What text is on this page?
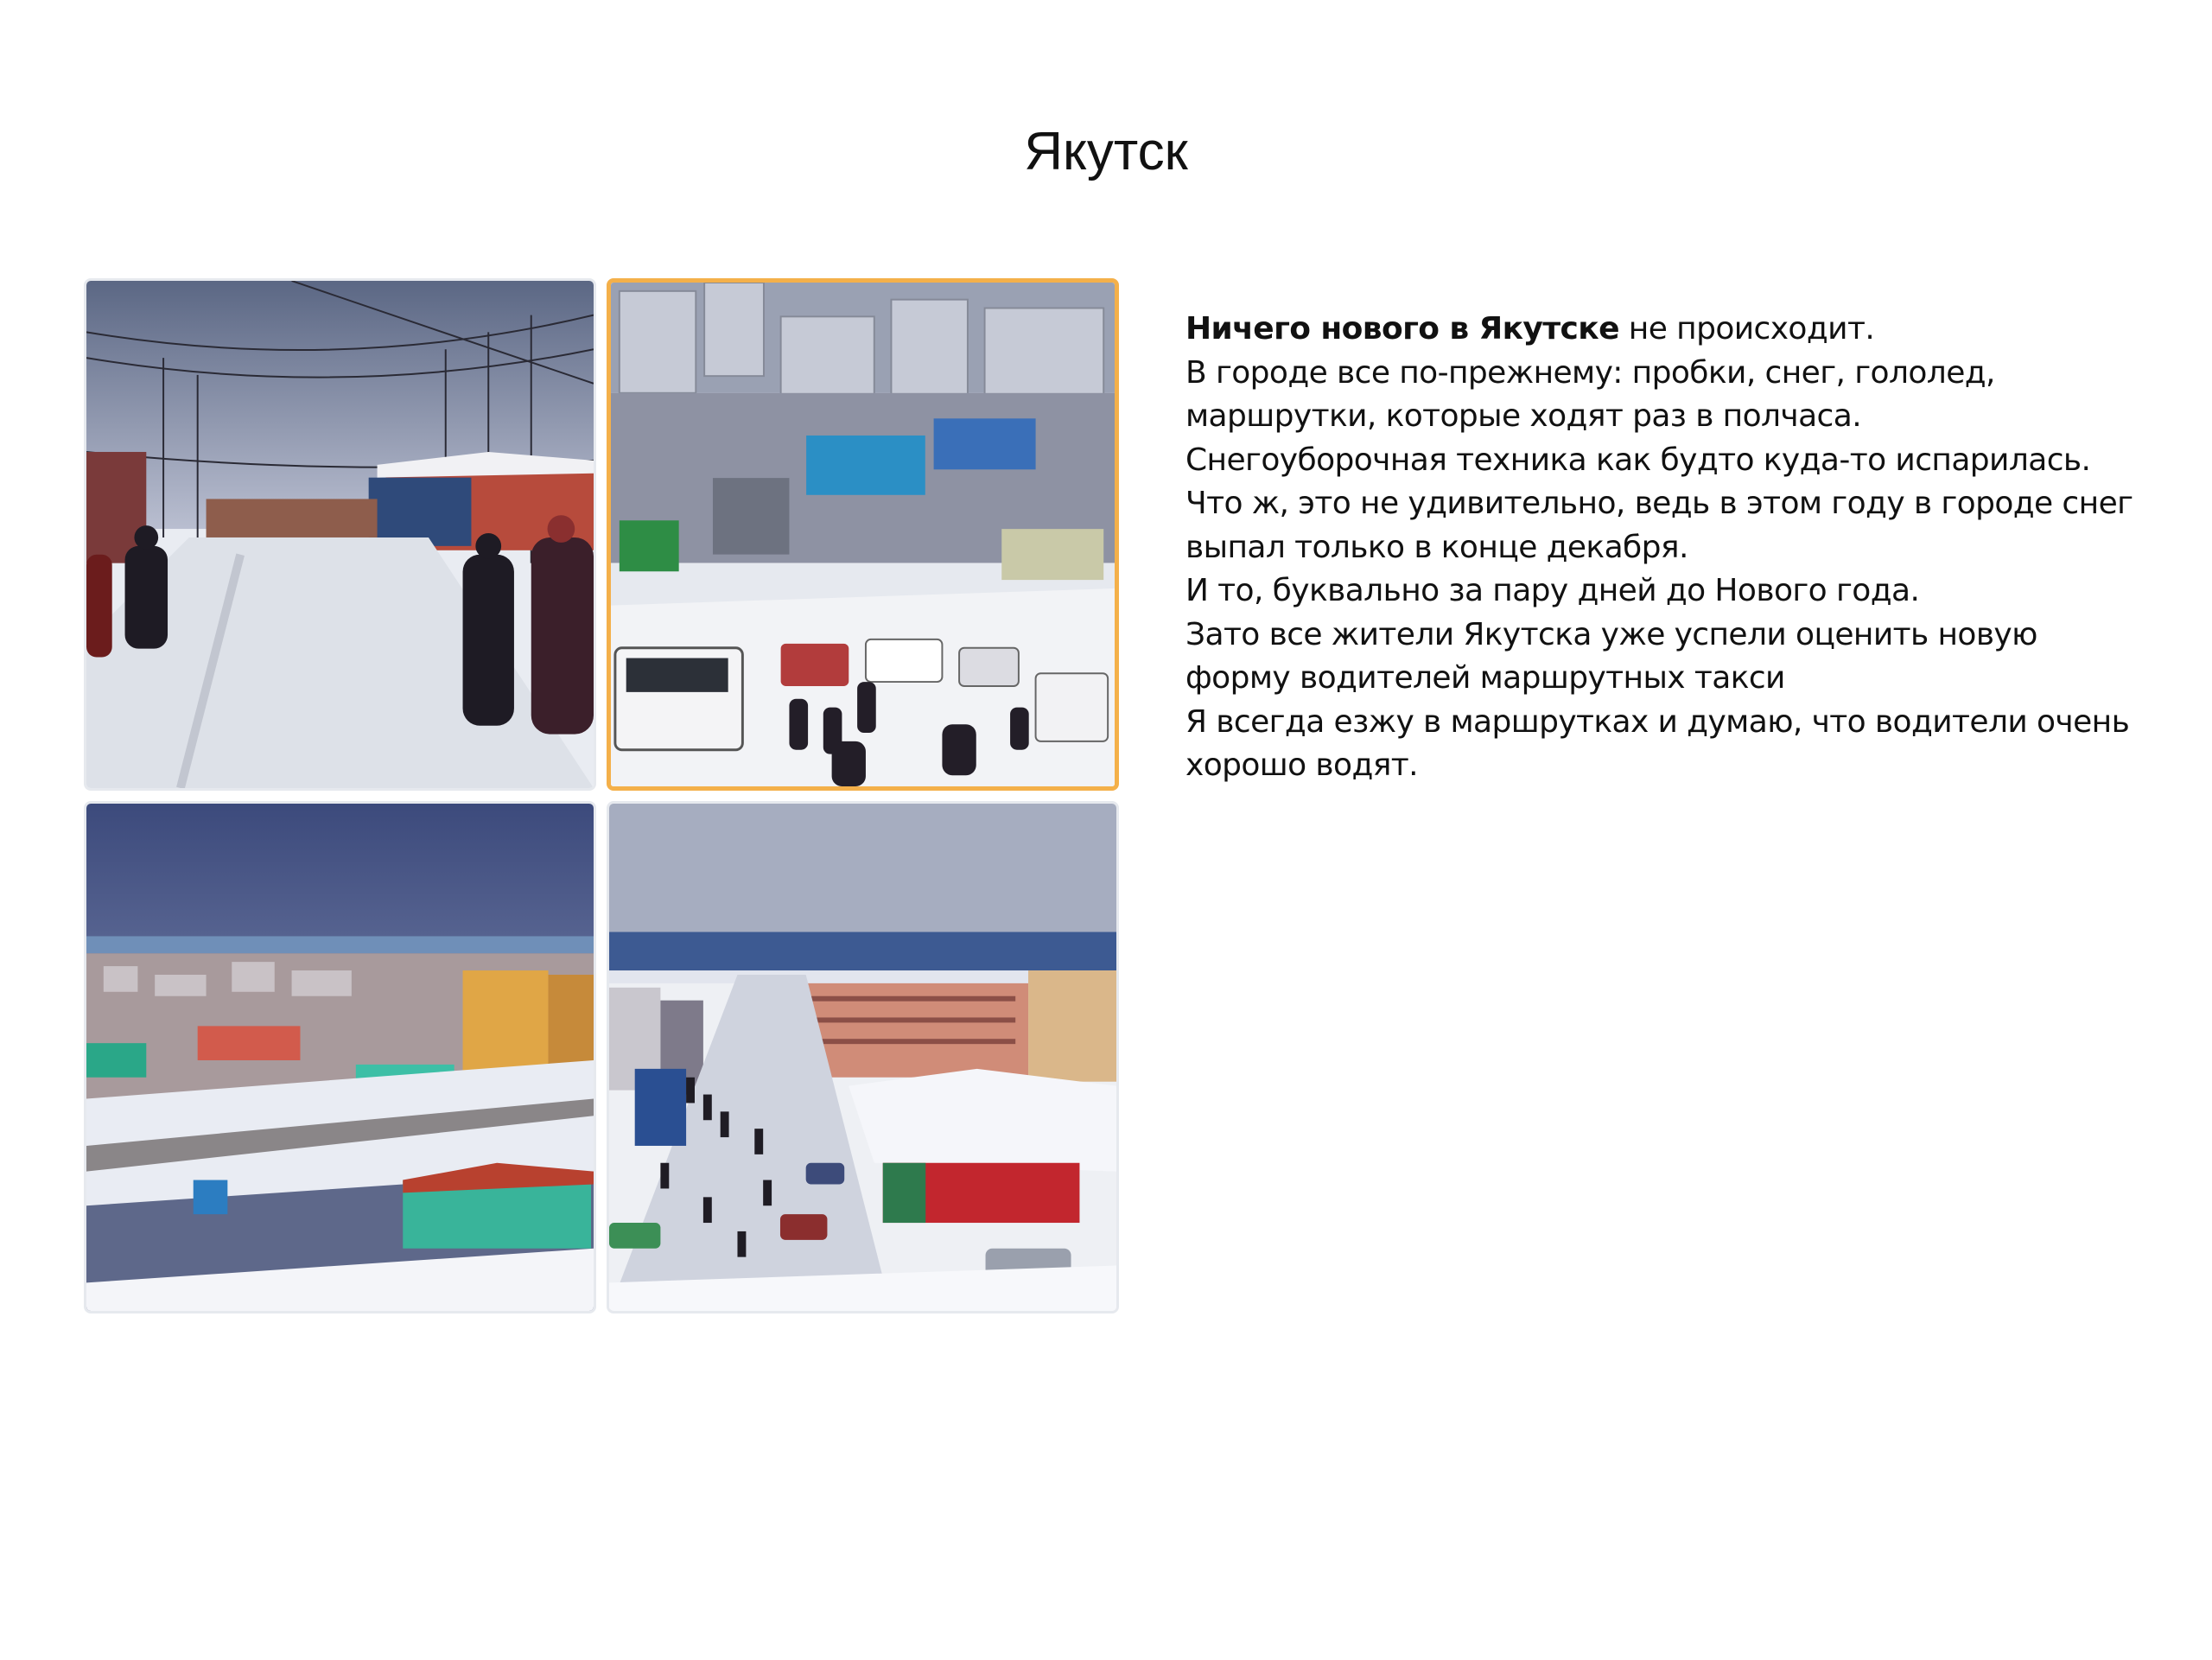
Якутск

Ничего нового в Якутске не происходит.

В городе все по-прежнему: пробки, снег, гололед,

маршрутки, которые ходят раз в полчаса.

Снегоуборочная техника как будто куда-то испарилась.

Что ж, это не удивительно, ведь в этом году в городе снег

выпал только в конце декабря.

И то, буквально за пару дней до Нового года.

Зато все жители Якутска уже успели оценить новую

форму водителей маршрутных такси

Я всегда езжу в маршрутках и думаю, что водители очень

хорошо водят.
